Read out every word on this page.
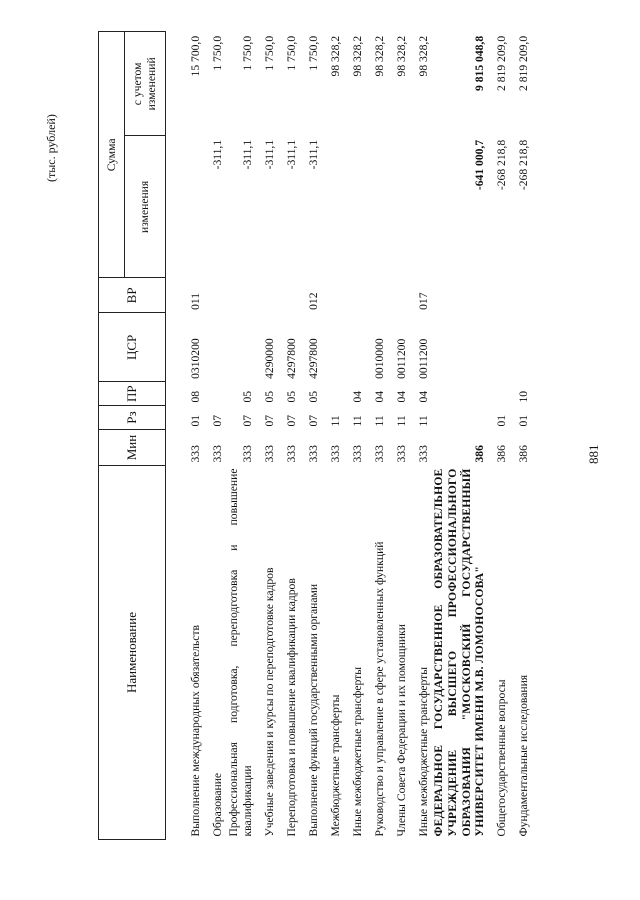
881
(тыс. рублей)
Наименование	Мин	Рз	ПР	ЦСР	ВР	Сумма	
						изменения	с учетом изменений

Выполнение международных обязательств	333	01	08	0310200	011		15 700,0
Образование	333	07				-311,1	1 750,0
Профессиональная подготовка, переподготовка и повышение квалификации	333	07	05			-311,1	1 750,0
Учебные заведения и курсы по переподготовке кадров	333	07	05	4290000		-311,1	1 750,0
Переподготовка и повышение квалификации кадров	333	07	05	4297800		-311,1	1 750,0
Выполнение функций государственными органами	333	07	05	4297800	012	-311,1	1 750,0
Межбюджетные трансферты	333	11					98 328,2
Иные межбюджетные трансферты	333	11	04				98 328,2
Руководство и управление в сфере установленных функций	333	11	04	0010000			98 328,2
Члены Совета Федерации и их помощники	333	11	04	0011200			98 328,2
Иные межбюджетные трансферты	333	11	04	0011200	017		98 328,2
ФЕДЕРАЛЬНОЕ ГОСУДАРСТВЕННОЕ ОБРАЗОВАТЕЛЬНОЕ УЧРЕЖДЕНИЕ ВЫСШЕГО ПРОФЕССИОНАЛЬНОГО ОБРАЗОВАНИЯ "МОСКОВСКИЙ ГОСУДАРСТВЕННЫЙ УНИВЕРСИТЕТ ИМЕНИ М.В. ЛОМОНОСОВА"	386					-641 000,7	9 815 048,8
Общегосударственные вопросы	386	01				-268 218,8	2 819 209,0
Фундаментальные исследования	386	01	10			-268 218,8	2 819 209,0
